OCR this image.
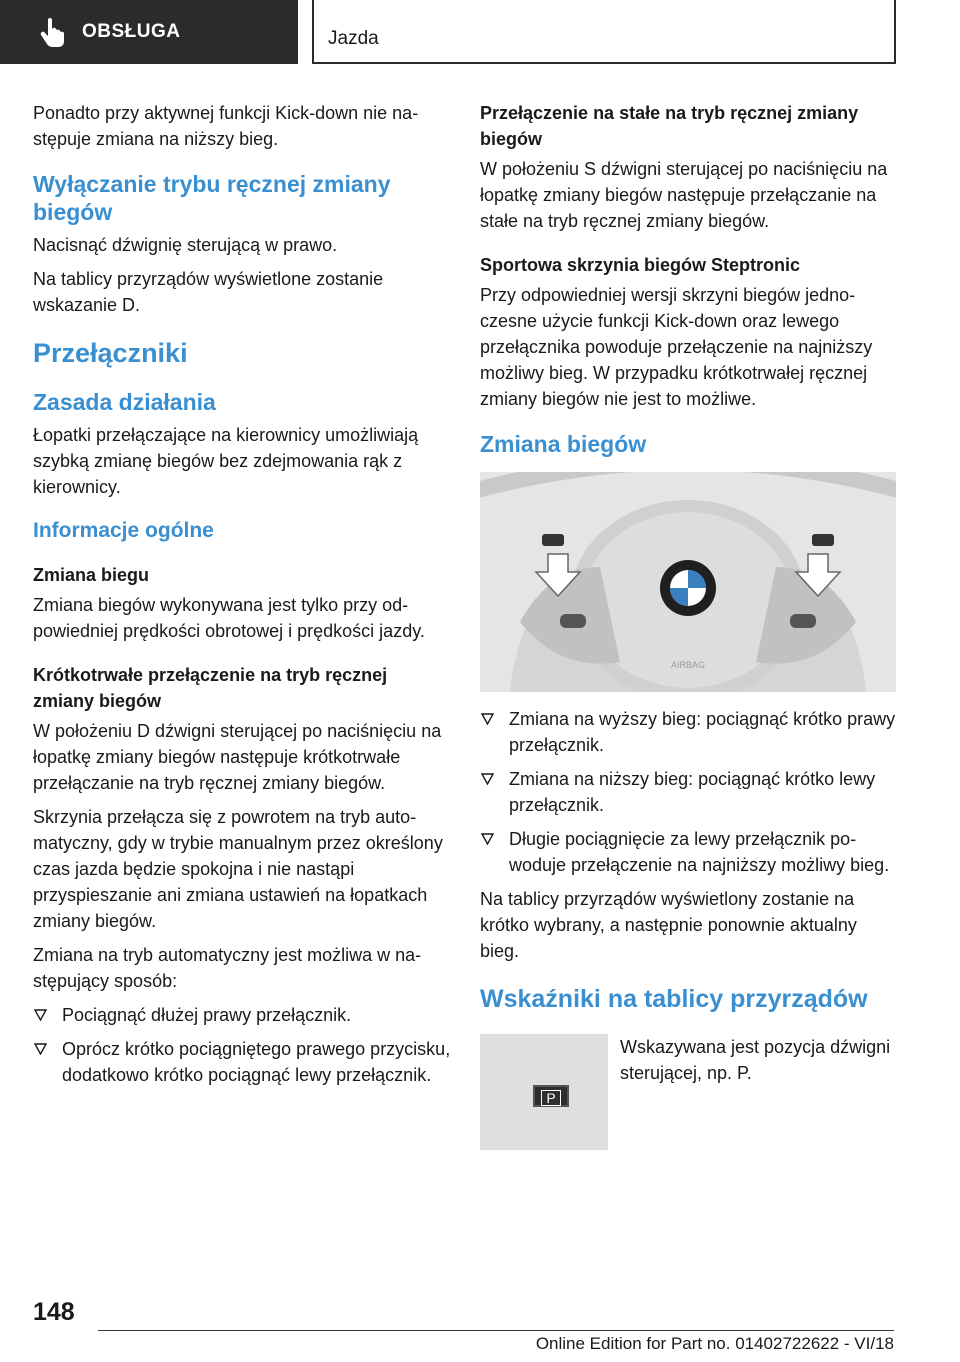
OBSŁUGA	Jazda

Ponadto przy aktywnej funkcji Kick-down nie następuje zmiana na niższy bieg.

Wyłączanie trybu ręcznej zmiany biegów

Nacisnąć dźwignię sterującą w prawo.

Na tablicy przyrządów wyświetlone zostanie wskazanie D.

Przełączniki
Zasada działania

Łopatki przełączające na kierownicy umożliwiają szybką zmianę biegów bez zdejmowania rąk z kierownicy.

Informacje ogólne
Zmiana biegu

Zmiana biegów wykonywana jest tylko przy odpowiedniej prędkości obrotowej i prędkości jazdy.

Krótkotrwałe przełączenie na tryb ręcznej zmiany biegów

W położeniu D dźwigni sterującej po naciśnięciu na łopatkę zmiany biegów następuje krótkotrwałe przełączanie na tryb ręcznej zmiany biegów.

Skrzynia przełącza się z powrotem na tryb automatyczny, gdy w trybie manualnym przez określony czas jazda będzie spokojna i nie nastąpi przyspieszanie ani zmiana ustawień na łopatkach zmiany biegów.

Zmiana na tryb automatyczny jest możliwa w następujący sposób:

Pociągnąć dłużej prawy przełącznik.
Oprócz krótko pociągniętego prawego przycisku, dodatkowo krótko pociągnąć lewy przełącznik.
Przełączenie na stałe na tryb ręcznej zmiany biegów

W położeniu S dźwigni sterującej po naciśnięciu na łopatkę zmiany biegów następuje przełączanie na stałe na tryb ręcznej zmiany biegów.

Sportowa skrzynia biegów Steptronic

Przy odpowiedniej wersji skrzyni biegów jednoczesne użycie funkcji Kick-down oraz lewego przełącznika powoduje przełączenie na najniższy możliwy bieg. W przypadku krótkotrwałej ręcznej zmiany biegów nie jest to możliwe.

Zmiana biegów
AIRBAG
Zmiana na wyższy bieg: pociągnąć krótko prawy przełącznik.
Zmiana na niższy bieg: pociągnąć krótko lewy przełącznik.
Długie pociągnięcie za lewy przełącznik powoduje przełączenie na najniższy możliwy bieg.

Na tablicy przyrządów wyświetlony zostanie na krótko wybrany, a następnie ponownie aktualny bieg.

Wskaźniki na tablicy przyrządów
P

Wskazywana jest pozycja dźwigni sterującej, np. P.

148
Online Edition for Part no. 01402722622 - VI/18
